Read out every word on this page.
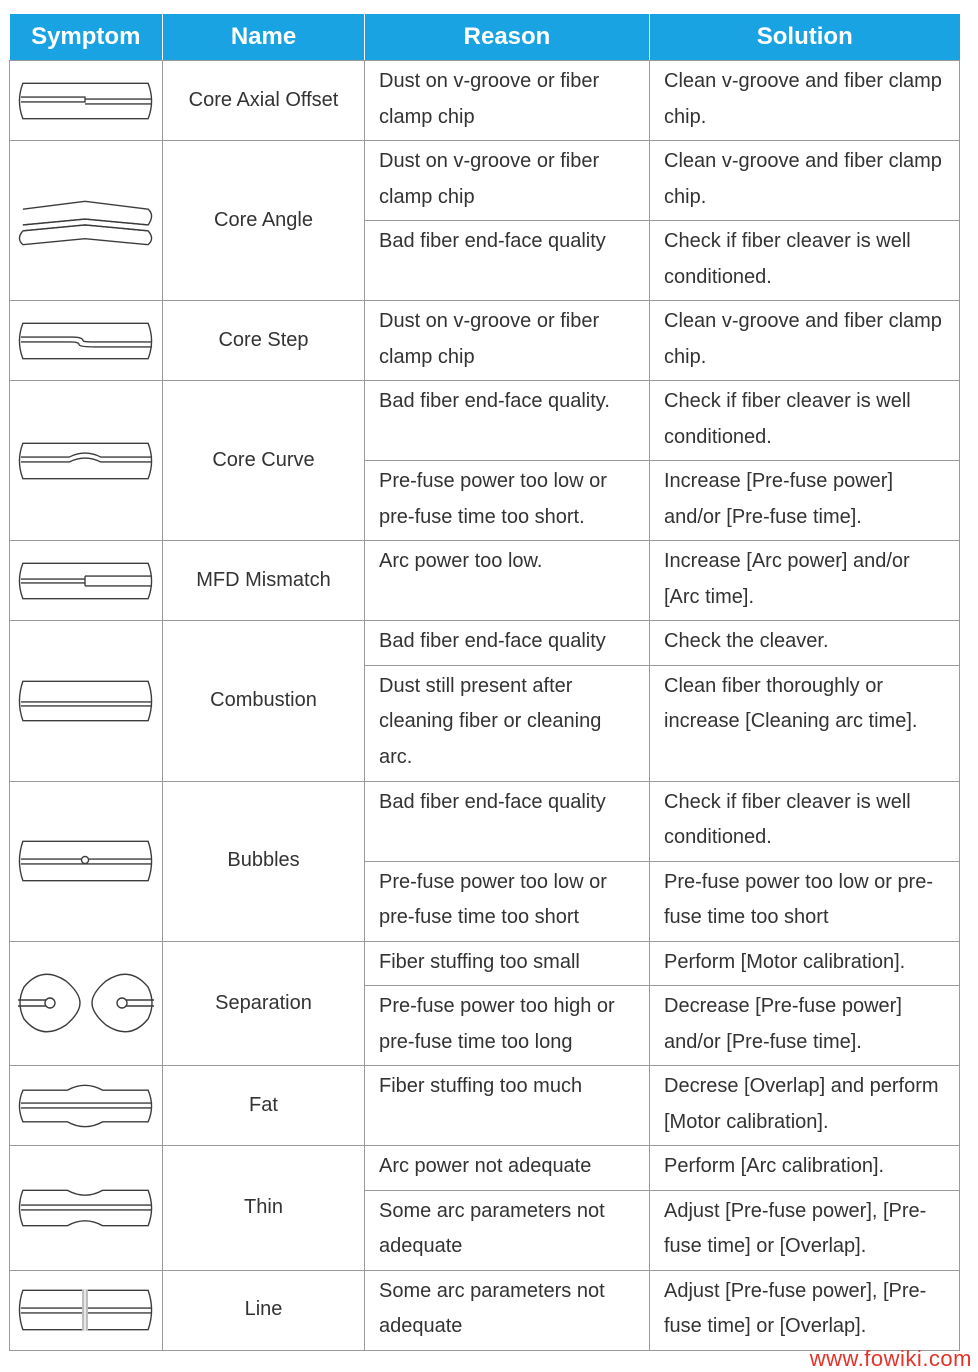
Symptom	Name	Reason	Solution

	Core Axial Offset	Dust on v-groove or fiber clamp chip	Clean v-groove and fiber clamp chip.

	Core Angle	Dust on v-groove or fiber clamp chip	Clean v-groove and fiber clamp chip.
		Bad fiber end-face quality	Check if fiber cleaver is well conditioned.

	Core Step	Dust on v-groove or fiber clamp chip	Clean v-groove and fiber clamp chip.

	Core Curve	Bad fiber end-face quality.	Check if fiber cleaver is well conditioned.
		Pre-fuse power too low or pre-fuse time too short.	Increase [Pre-fuse power] and/or [Pre-fuse time].

	MFD Mismatch	Arc power too low.	Increase [Arc power] and/or [Arc time].

	Combustion	Bad fiber end-face quality	Check the cleaver.
		Dust still present after cleaning fiber or cleaning arc.	Clean fiber thoroughly or increase [Cleaning arc time].

	Bubbles	Bad fiber end-face quality	Check if fiber cleaver is well conditioned.
		Pre-fuse power too low or pre-fuse time too short	Pre-fuse power too low or pre-fuse time too short

	Separation	Fiber stuffing too small	Perform [Motor calibration].
		Pre-fuse power too high or pre-fuse time too long	Decrease [Pre-fuse power] and/or [Pre-fuse time].

	Fat	Fiber stuffing too much	Decrese [Overlap] and perform [Motor calibration].

	Thin	Arc power not adequate	Perform [Arc calibration].
		Some arc parameters not adequate	Adjust [Pre-fuse power], [Pre-fuse time] or [Overlap].

	Line	Some arc parameters not adequate	Adjust [Pre-fuse power], [Pre-fuse time] or [Overlap].
www.fowiki.com
